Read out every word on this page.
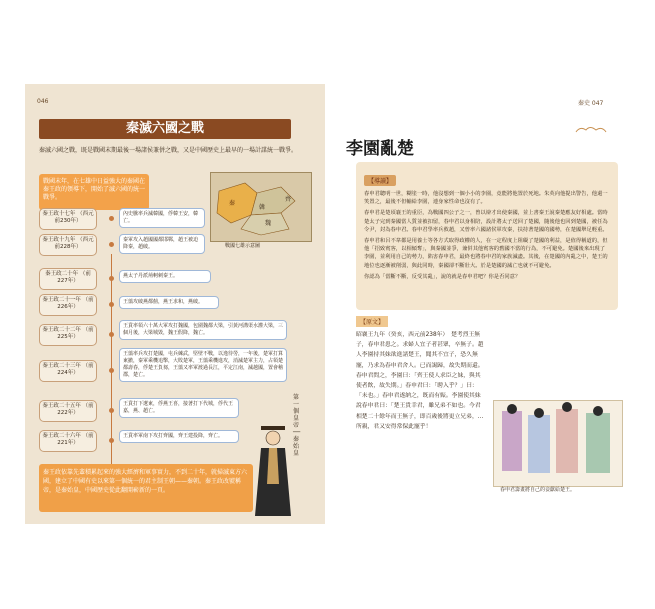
046
秦滅六國之戰
秦滅六國之戰，既是戰國末期最後一場諸侯兼併之戰，又是中國歷史上最早的一場計謀統一戰爭。
戰國末年，在七雄中日益強大的秦國在秦王政的領導下，開始了滅六國的統一戰爭。
秦
韓
齊
魏
戰國七雄示意圖
秦王政十七年 （西元前230年）
內史騰率兵滅韓國，俘韓王安，韓亡。
秦王政十九年 （西元前228年）
秦軍攻入趙國國都邯鄲，趙王被迫降秦，趙破。
秦王政二十年 （前227年）
燕太子丹派荊軻刺秦王。
秦王政二十一年 （前226年）
王翦攻破燕都薊，燕王求和，燕破。
秦王政二十二年 （前225年）
王賁率領六十萬大軍攻打魏國，包圍魏都大梁，引黃河溝渠水灌大梁，三個月後，大梁城毀，魏王假降，魏亡。
秦王政二十三年 （前224年）
王翦率兵攻打楚國，屯兵練武，堅壁不戰，以逸待勞，一年後，楚軍打算東撤，秦軍乘機追擊，大敗楚軍，王翦乘機進攻，消滅楚軍主力，占領楚都壽春，俘楚王負芻，王翦又率軍渡過長江，平定江南，滅越國，置會稽郡，楚亡。
秦王政二十五年 （前222年）
王賁打下遼東，俘燕王喜，接著打下代城，俘代王嘉，燕、趙亡。
秦王政二十六年 （前221年）
王賁率軍南下攻打齊國，齊王建投降，齊亡。
秦王政依靠先輩積累起來的強大經濟和軍事實力，不到二十年，就掃滅東方六國，建立了中國有史以來第一個統一的君主制王朝——秦朝。秦王政改號稱帝，是秦始皇，中國歷史從此翻開嶄新的一頁。
第一個皇帝──秦始皇
秦史 047
李園亂楚
【導讀】
春申君聰明一世，糊塗一時，他沒想到一個小小的李園，竟能將他置於死地。朱英向他提出警告，他還一笑置之，最後不但輸給李園，連身家性命也沒有了。
春申君是楚頃襄王的重臣，為戰國四公子之一，曾以辯才出使秦國，並上書秦王說秦楚應友好相處。當時楚太子完到秦國當人質並被扣留，春申君以身相陪，設計將太子送回了楚國，隨後他也回到楚國，被任為令尹，封為春申君。春申君學率兵救趙，又曾率六國諸侯軍攻秦，扶持著楚國的國勢，在楚國舉足輕重。
春申君和呂不韋都是用養士等各方式取得政權的人，在一定程度上阻礙了楚國的利益，是值得稱道的，但他「招致賓客，以相傾奪」，與秦國並爭，兼併其他賓客的舊國不當的行為，不可避免。楚國後來出現了李園，並利用自己的勢力，陷害春申君，最終也將春申君的家族滅盡。其後，在楚國的內亂之中，楚王的地位也逐漸被削弱，與此同時，秦國卻不斷壯大。於是楚國的滅亡也就不可避免。
你認為「當斷不斷，反受其亂」，說的就是春申君吧？你是否同意？
【原文】
昭襄王九年（癸亥，西元前238年）　楚考烈王無子，春申君患之。求婦人宜子者甚眾，卒無子。趙人李園持其妹欲進諸楚王，聞其不宜子，恐久無寵，乃求為春申君舍人。已而謁歸，故失期而還。春申君問之，李園曰：「齊王使人求臣之妹，與其使者飲，故失期。」春申君曰：「聘入乎？」曰：「未也。」春申君遂納之，既而有娠。李園使其妹說春申君曰：「楚王貴幸君，雖兄弟不如也。今君相楚二十餘年而王無子，即百歲後將更立兄弟，...所親，君又安得常保此寵乎！
春申君籌畫將自己的妾獻給楚王。
